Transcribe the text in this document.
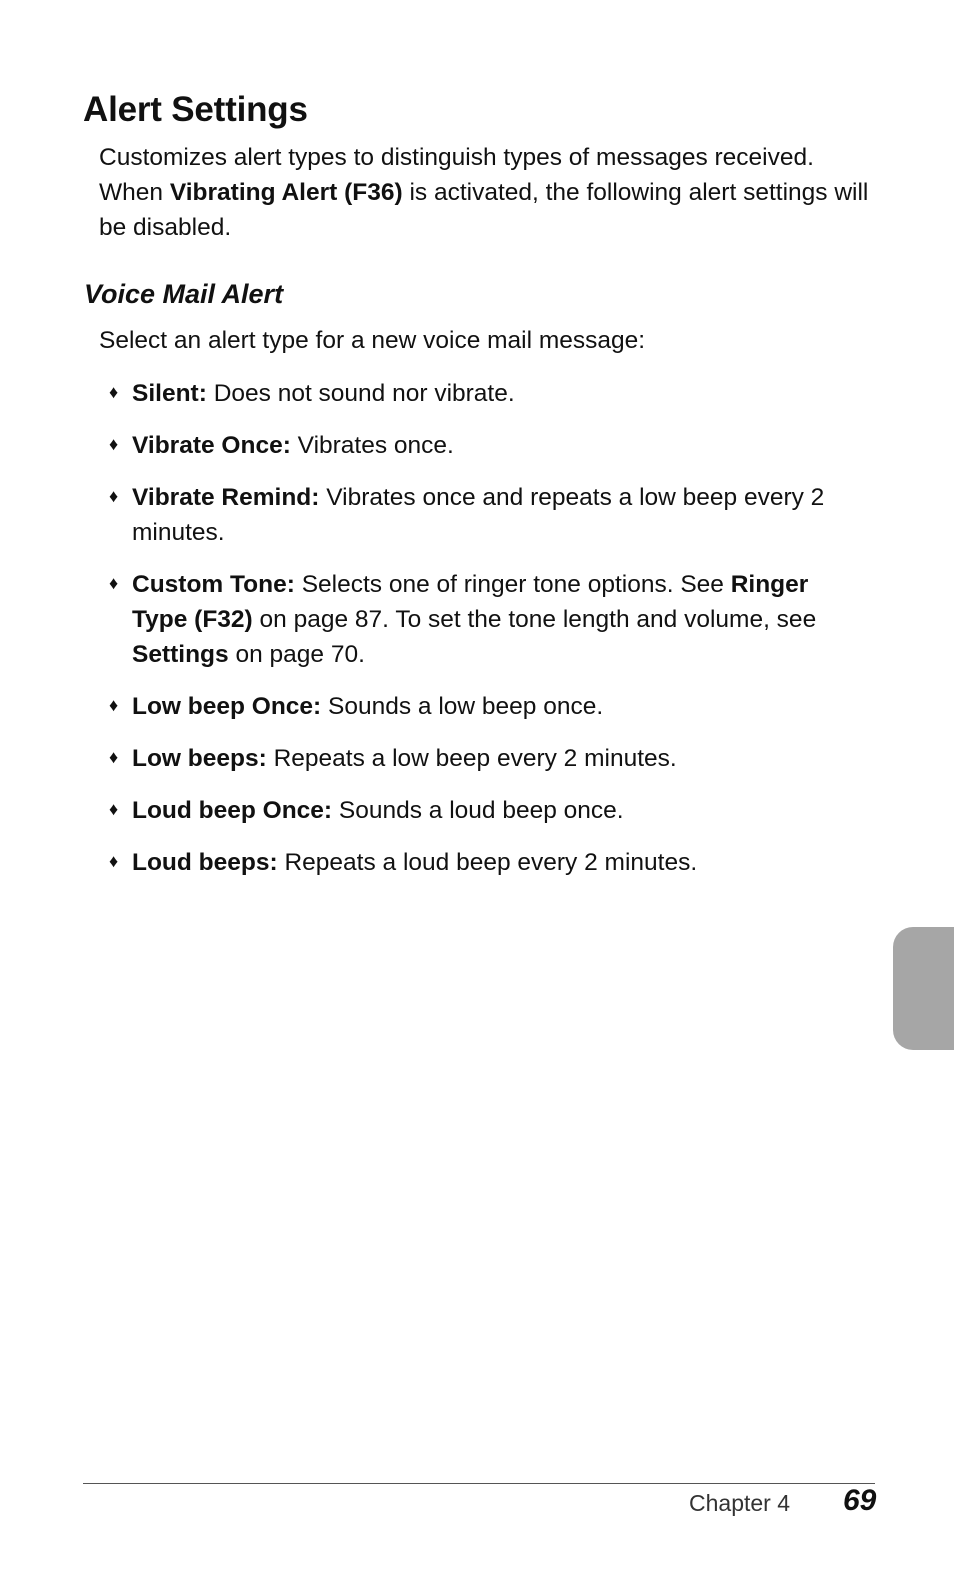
Alert Settings

Customizes alert types to distinguish types of messages received.
When Vibrating Alert (F36) is activated, the following alert settings will be disabled.

Voice Mail Alert

Select an alert type for a new voice mail message:

♦ Silent: Does not sound nor vibrate.
♦ Vibrate Once: Vibrates once.
♦ Vibrate Remind: Vibrates once and repeats a low beep every 2 minutes.
♦ Custom Tone: Selects one of ringer tone options. See Ringer Type (F32) on page 87. To set the tone length and volume, see Settings on page 70.
♦ Low beep Once: Sounds a low beep once.
♦ Low beeps: Repeats a low beep every 2 minutes.
♦ Loud beep Once: Sounds a loud beep once.
♦ Loud beeps: Repeats a loud beep every 2 minutes.
Chapter 4 69
